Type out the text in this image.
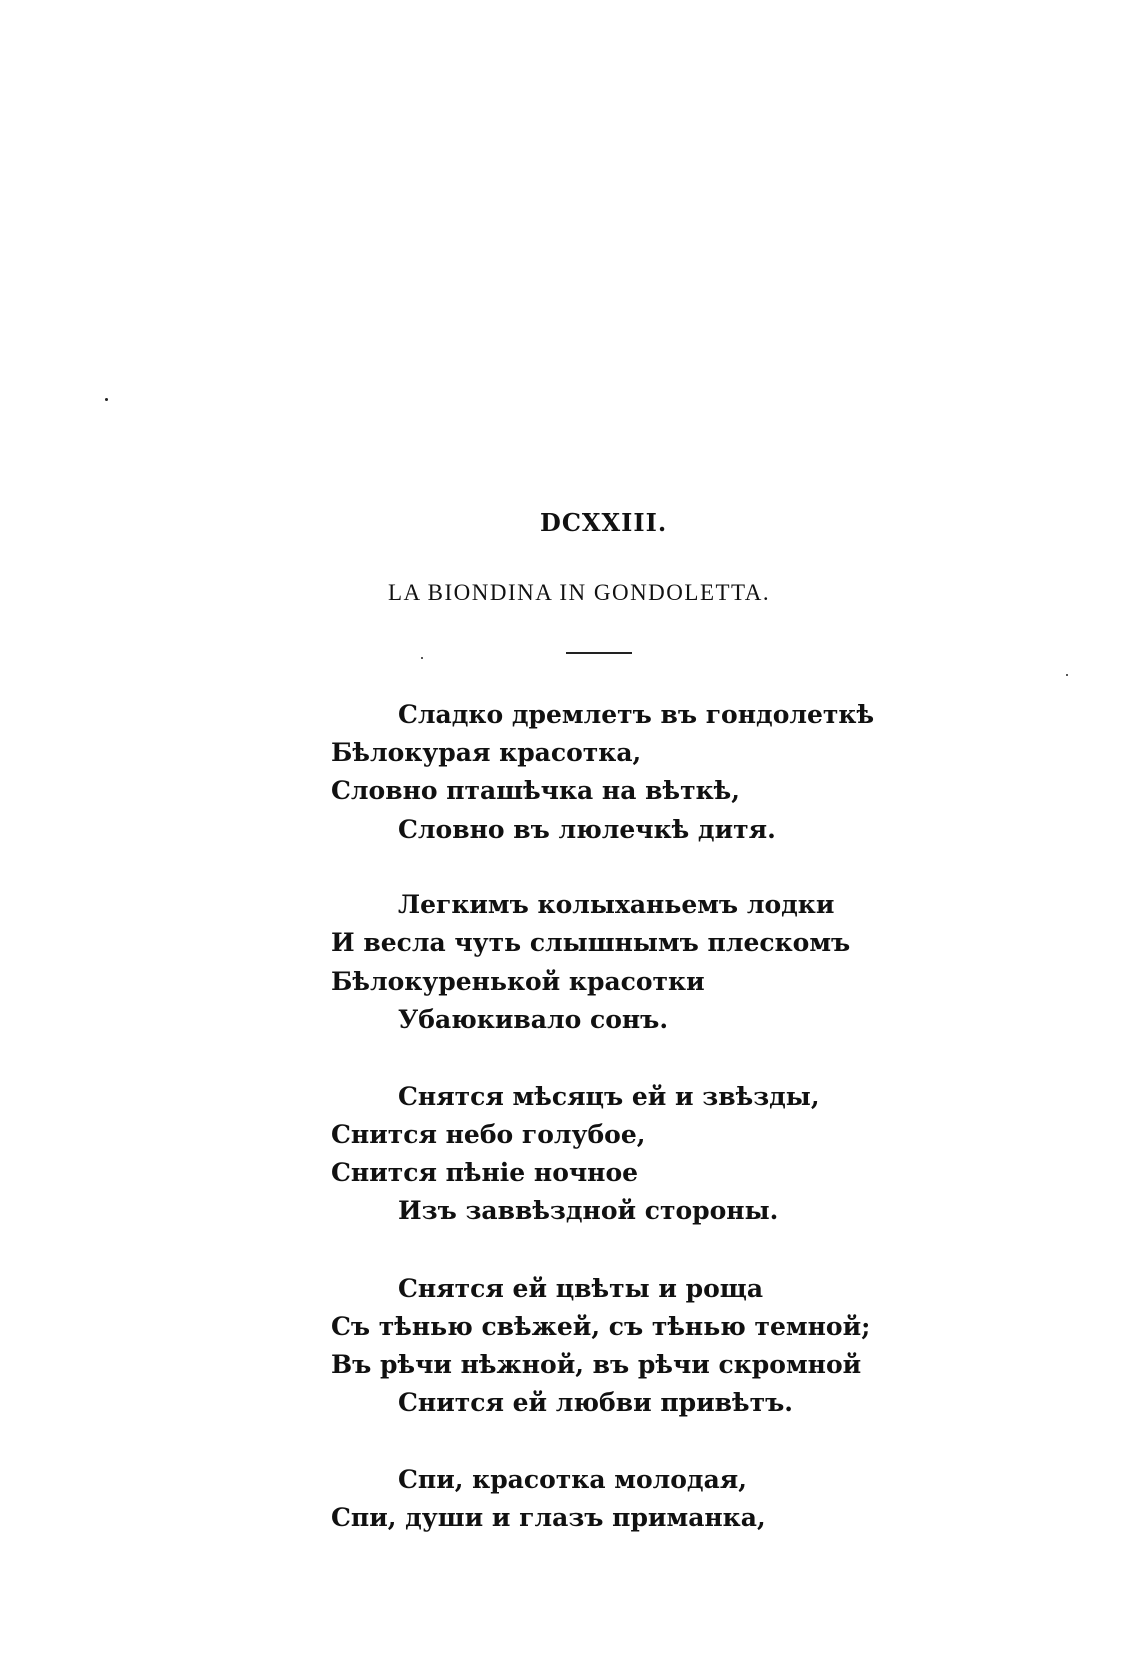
DCXXIII.
LA BIONDINA IN GONDOLETTA.
Сладко дремлетъ въ гондолеткѣ
Бѣлокурая красотка,
Словно пташѣчка на вѣткѣ,
Словно въ люлечкѣ дитя.
Легкимъ колыханьемъ лодки
И весла чуть слышнымъ плескомъ
Бѣлокуренькой красотки
Убаюкивало сонъ.
Снятся мѣсяцъ ей и звѣзды,
Снится небо голубое,
Снится пѣніе ночное
Изъ заввѣздной стороны.
Снятся ей цвѣты и роща
Съ тѣнью свѣжей, съ тѣнью темной;
Въ рѣчи нѣжной, въ рѣчи скромной
Снится ей любви привѣтъ.
Спи, красотка молодая,
Спи, души и глазъ приманка,
